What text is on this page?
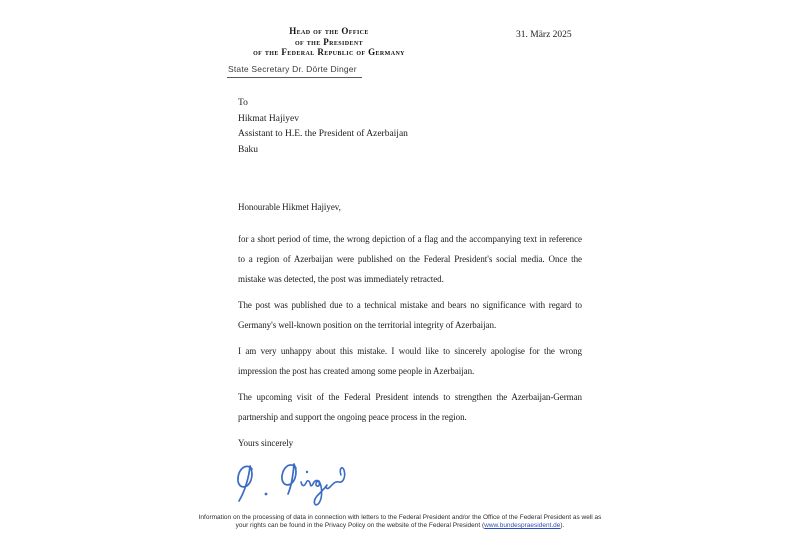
Head of the Office
of the President
of the Federal Republic of Germany
State Secretary Dr. Dörte Dinger
31. März 2025
To
Hikmat Hajiyev
Assistant to H.E. the President of Azerbaijan
Baku
Honourable Hikmet Hajiyev,

for a short period of time, the wrong depiction of a flag and the accompanying text in reference to a region of Azerbaijan were published on the Federal President's social media. Once the mistake was detected, the post was immediately retracted.

The post was published due to a technical mistake and bears no significance with regard to Germany's well-known position on the territorial integrity of Azerbaijan.

I am very unhappy about this mistake. I would like to sincerely apologise for the wrong impression the post has created among some people in Azerbaijan.

The upcoming visit of the Federal President intends to strengthen the Azerbaijan-German partnership and support the ongoing peace process in the region.

Yours sincerely
Information on the processing of data in connection with letters to the Federal President and/or the Office of the Federal President as well as
your rights can be found in the Privacy Policy on the website of the Federal President (www.bundespraesident.de).
